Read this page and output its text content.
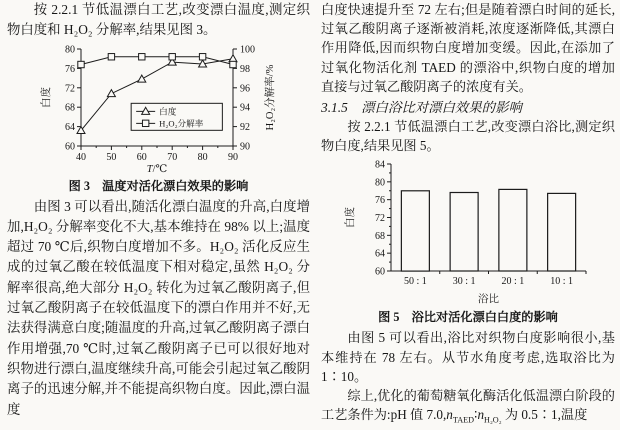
按 2.2.1 节低温漂白工艺,改变漂白温度,测定织物白度和 H₂O₂ 分解率,结果见图 3。

60
64
68
72
76
80
90
92
94
96
98
100
40 50 60 70 80 90
白度	H₂O₂分解率/%
T/℃
白度
H₂O₂分解率
图 3　温度对活化漂白效果的影响

由图 3 可以看出,随活化漂白温度的升高,白度增加,H₂O₂ 分解率变化不大,基本维持在 98% 以上;温度超过 70 ℃后,织物白度增加不多。H₂O₂ 活化反应生成的过氧乙酸在较低温度下相对稳定,虽然 H₂O₂ 分解率很高,绝大部分 H₂O₂ 转化为过氧乙酸阴离子,但过氧乙酸阴离子在较低温度下的漂白作用并不好,无法获得满意白度;随温度的升高,过氧乙酸阴离子漂白作用增强,70 ℃时,过氧乙酸阴离子已可以很好地对织物进行漂白,温度继续升高,可能会引起过氧乙酸阴离子的迅速分解,并不能提高织物白度。因此,漂白温度

白度快速提升至 72 左右;但是随着漂白时间的延长,过氧乙酸阴离子逐渐被消耗,浓度逐渐降低,其漂白作用降低,因而织物白度增加变缓。因此,在添加了过氧化物活化剂 TAED 的漂浴中,织物白度的增加直接与过氧乙酸阴离子的浓度有关。

3.1.5　漂白浴比对漂白效果的影响

按 2.2.1 节低温漂白工艺,改变漂白浴比,测定织物白度,结果见图 5。

60
64
68
72
76
80
84
50 : 1	30 : 1	20 : 1	10 : 1
白度
浴比
图 5　浴比对活化漂白白度的影响

由图 5 可以看出,浴比对织物白度影响很小,基本维持在 78 左右。从节水角度考虑,选取浴比为 1∶10。

综上,优化的葡萄糖氧化酶活化低温漂白阶段的工艺条件为:pH 值 $7.0,n_{TAED}∶n_{H_2O_2}$ 为 0.5∶1,温度
